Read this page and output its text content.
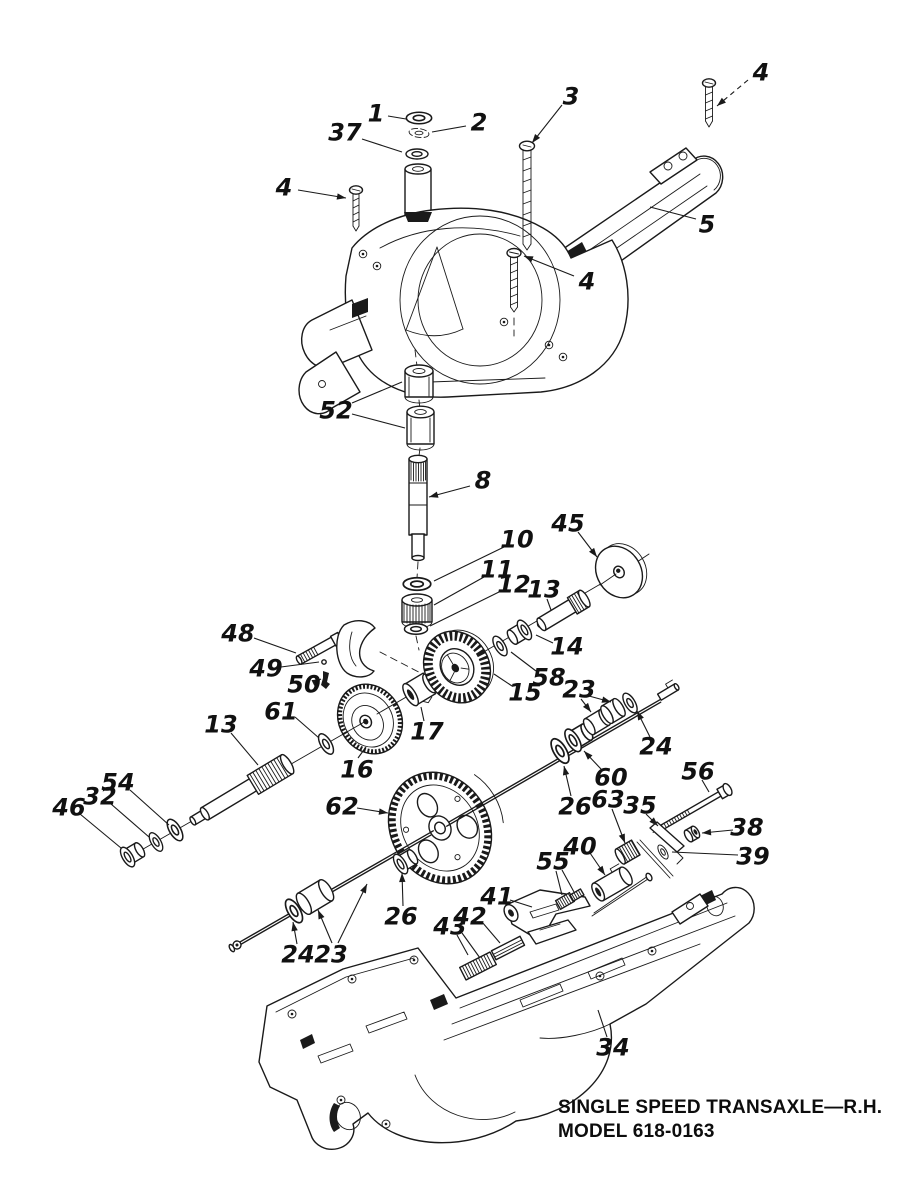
SINGLE SPEED TRANSAXLE—R.H.
MODEL 618-0163
1	2
37
3
4
4
5
4
52
8
10
11
12
13
45
14
58
15
48
49
50
61
13
16
17
62
23
24
60
26
56
63
35
38
39
40
55
41
42
43
34
24 23
26
46
32
54
